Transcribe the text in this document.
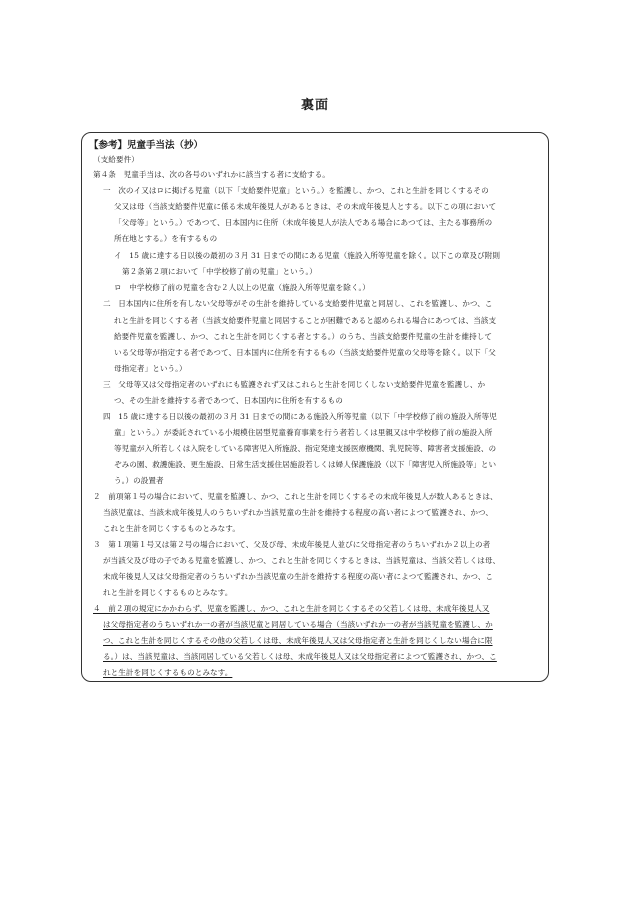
裏面
【参考】児童手当法（抄）
（支給要件）
第４条　児童手当は、次の各号のいずれかに該当する者に支給する。
一　次のイ又はロに掲げる児童（以下「支給要件児童」という。）を監護し、かつ、これと生計を同じくするその
父又は母（当該支給要件児童に係る未成年後見人があるときは、その未成年後見人とする。以下この項において
「父母等」という。）であつて、日本国内に住所（未成年後見人が法人である場合にあつては、主たる事務所の
所在地とする。）を有するもの
イ　15 歳に達する日以後の最初の３月 31 日までの間にある児童（施設入所等児童を除く。以下この章及び附則
第２条第２項において「中学校修了前の児童」という。）
ロ　中学校修了前の児童を含む２人以上の児童（施設入所等児童を除く。）
二　日本国内に住所を有しない父母等がその生計を維持している支給要件児童と同居し、これを監護し、かつ、こ
れと生計を同じくする者（当該支給要件児童と同居することが困難であると認められる場合にあつては、当該支
給要件児童を監護し、かつ、これと生計を同じくする者とする。）のうち、当該支給要件児童の生計を維持して
いる父母等が指定する者であつて、日本国内に住所を有するもの（当該支給要件児童の父母等を除く。以下「父
母指定者」という。）
三　父母等又は父母指定者のいずれにも監護されず又はこれらと生計を同じくしない支給要件児童を監護し、か
つ、その生計を維持する者であつて、日本国内に住所を有するもの
四　15 歳に達する日以後の最初の３月 31 日までの間にある施設入所等児童（以下「中学校修了前の施設入所等児
童」という。）が委託されている小規模住居型児童養育事業を行う者若しくは里親又は中学校修了前の施設入所
等児童が入所若しくは入院をしている障害児入所施設、指定発達支援医療機関、乳児院等、障害者支援施設、の
ぞみの園、救護施設、更生施設、日常生活支援住居施設若しくは婦人保護施設（以下「障害児入所施設等」とい
う。）の設置者
２　前項第１号の場合において、児童を監護し、かつ、これと生計を同じくするその未成年後見人が数人あるときは、
当該児童は、当該未成年後見人のうちいずれか当該児童の生計を維持する程度の高い者によつて監護され、かつ、
これと生計を同じくするものとみなす。
３　第１項第１号又は第２号の場合において、父及び母、未成年後見人並びに父母指定者のうちいずれか２以上の者
が当該父及び母の子である児童を監護し、かつ、これと生計を同じくするときは、当該児童は、当該父若しくは母、
未成年後見人又は父母指定者のうちいずれか当該児童の生計を維持する程度の高い者によつて監護され、かつ、こ
れと生計を同じくするものとみなす。
４　前２項の規定にかかわらず、児童を監護し、かつ、これと生計を同じくするその父若しくは母、未成年後見人又
は父母指定者のうちいずれか一の者が当該児童と同居している場合（当該いずれか一の者が当該児童を監護し、か
つ、これと生計を同じくするその他の父若しくは母、未成年後見人又は父母指定者と生計を同じくしない場合に限
る。）は、当該児童は、当該同居している父若しくは母、未成年後見人又は父母指定者によつて監護され、かつ、こ
れと生計を同じくするものとみなす。
